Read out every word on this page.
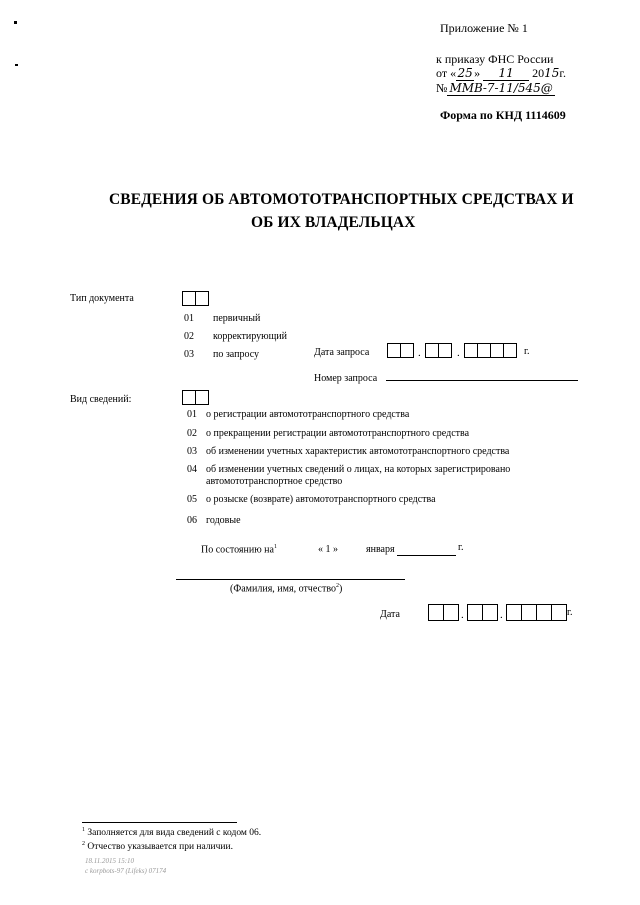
Приложение № 1
к приказу ФНС России
от «25» 11 2015г.
№ ММВ-7-11/545@
Форма по КНД 1114609
СВЕДЕНИЯ ОБ АВТОМОТОТРАНСПОРТНЫХ СРЕДСТВАХ И
ОБ ИХ ВЛАДЕЛЬЦАХ
Тип документа
01 первичный
02 корректирующий
03 по запросу	Дата запроса	.	.	г.
Номер запроса
Вид сведений:
01 о регистрации автомототранспортного средства
02 о прекращении регистрации автомототранспортного средства
03 об изменении учетных характеристик автомототранспортного средства
04 об изменении учетных сведений о лицах, на которых зарегистрировано
автомототранспортное средство
05 о розыске (возврате) автомототранспортного средства
06 годовые
По состоянию $на^1$	« 1 »	января	г.
(Фамилия, имя, отчество$^2$)
Дата	.	.	г.
$^1$ Заполняется для вида сведений с кодом 06.
$^2$ Отчество указывается при наличии.
18.11.2015 15:10
с korpbots-97 (Lifeks) 07174
